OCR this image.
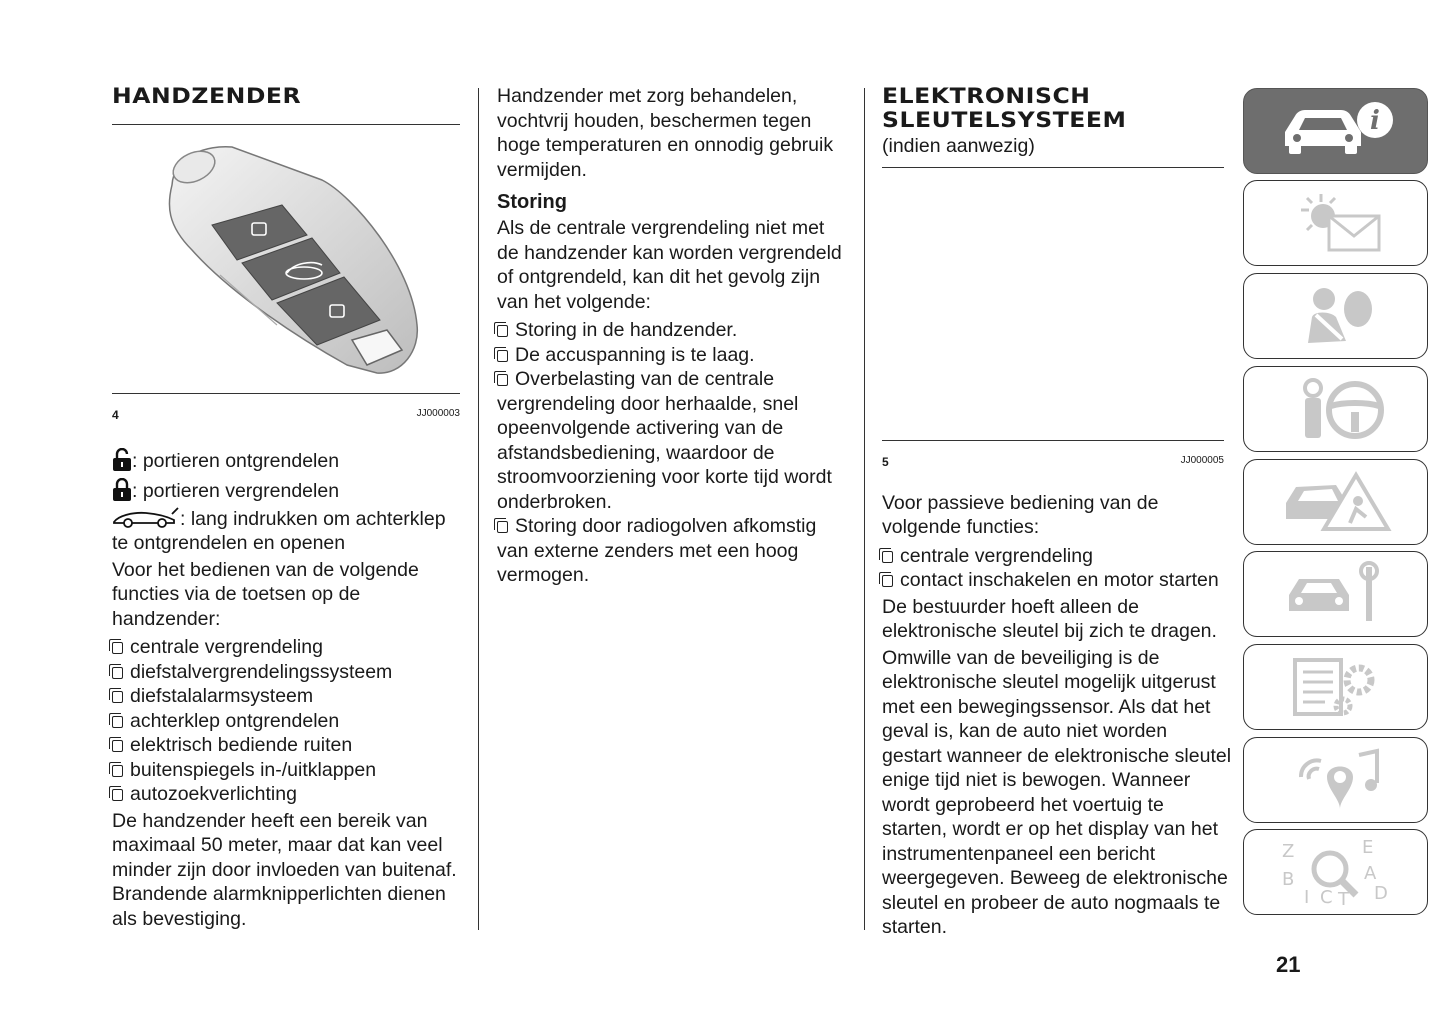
HANDZENDER
4	JJ000003

: portieren ontgrendelen

: portieren vergrendelen

: lang indrukken om achterklep

te ontgrendelen en openen

Voor het bedienen van de volgende functies via de toetsen op de handzender:

centrale vergrendeling

diefstalvergrendelingssysteem

diefstalalarmsysteem

achterklep ontgrendelen

elektrisch bediende ruiten

buitenspiegels in-/uitklappen

autozoekverlichting

De handzender heeft een bereik van maximaal 50 meter, maar dat kan veel minder zijn door invloeden van buitenaf. Brandende alarmknipperlichten dienen als bevestiging.

Handzender met zorg behandelen, vochtvrij houden, beschermen tegen hoge temperaturen en onnodig gebruik vermijden.

Storing

Als de centrale vergrendeling niet met de handzender kan worden vergrendeld of ontgrendeld, kan dit het gevolg zijn van het volgende:

Storing in de handzender.

De accuspanning is te laag.

Overbelasting van de centrale vergrendeling door herhaalde, snel opeenvolgende activering van de afstandsbediening, waardoor de stroomvoorziening voor korte tijd wordt onderbroken.

Storing door radiogolven afkomstig van externe zenders met een hoog vermogen.

ELEKTRONISCH
SLEUTELSYSTEEM

(indien aanwezig)

5	JJ000005

Voor passieve bediening van de volgende functies:

centrale vergrendeling

contact inschakelen en motor starten

De bestuurder hoeft alleen de elektronische sleutel bij zich te dragen.

Omwille van de beveiliging is de elektronische sleutel mogelijk uitgerust met een bewegingssensor. Als dat het geval is, kan de auto niet worden gestart wanneer de elektronische sleutel enige tijd niet is bewogen. Wanneer wordt geprobeerd het voertuig te starten, wordt er op het display van het instrumentenpaneel een bericht weergegeven. Beweeg de elektronische sleutel en probeer de auto nogmaals te starten.

i
Z	E
A
B
D
I C T
21
